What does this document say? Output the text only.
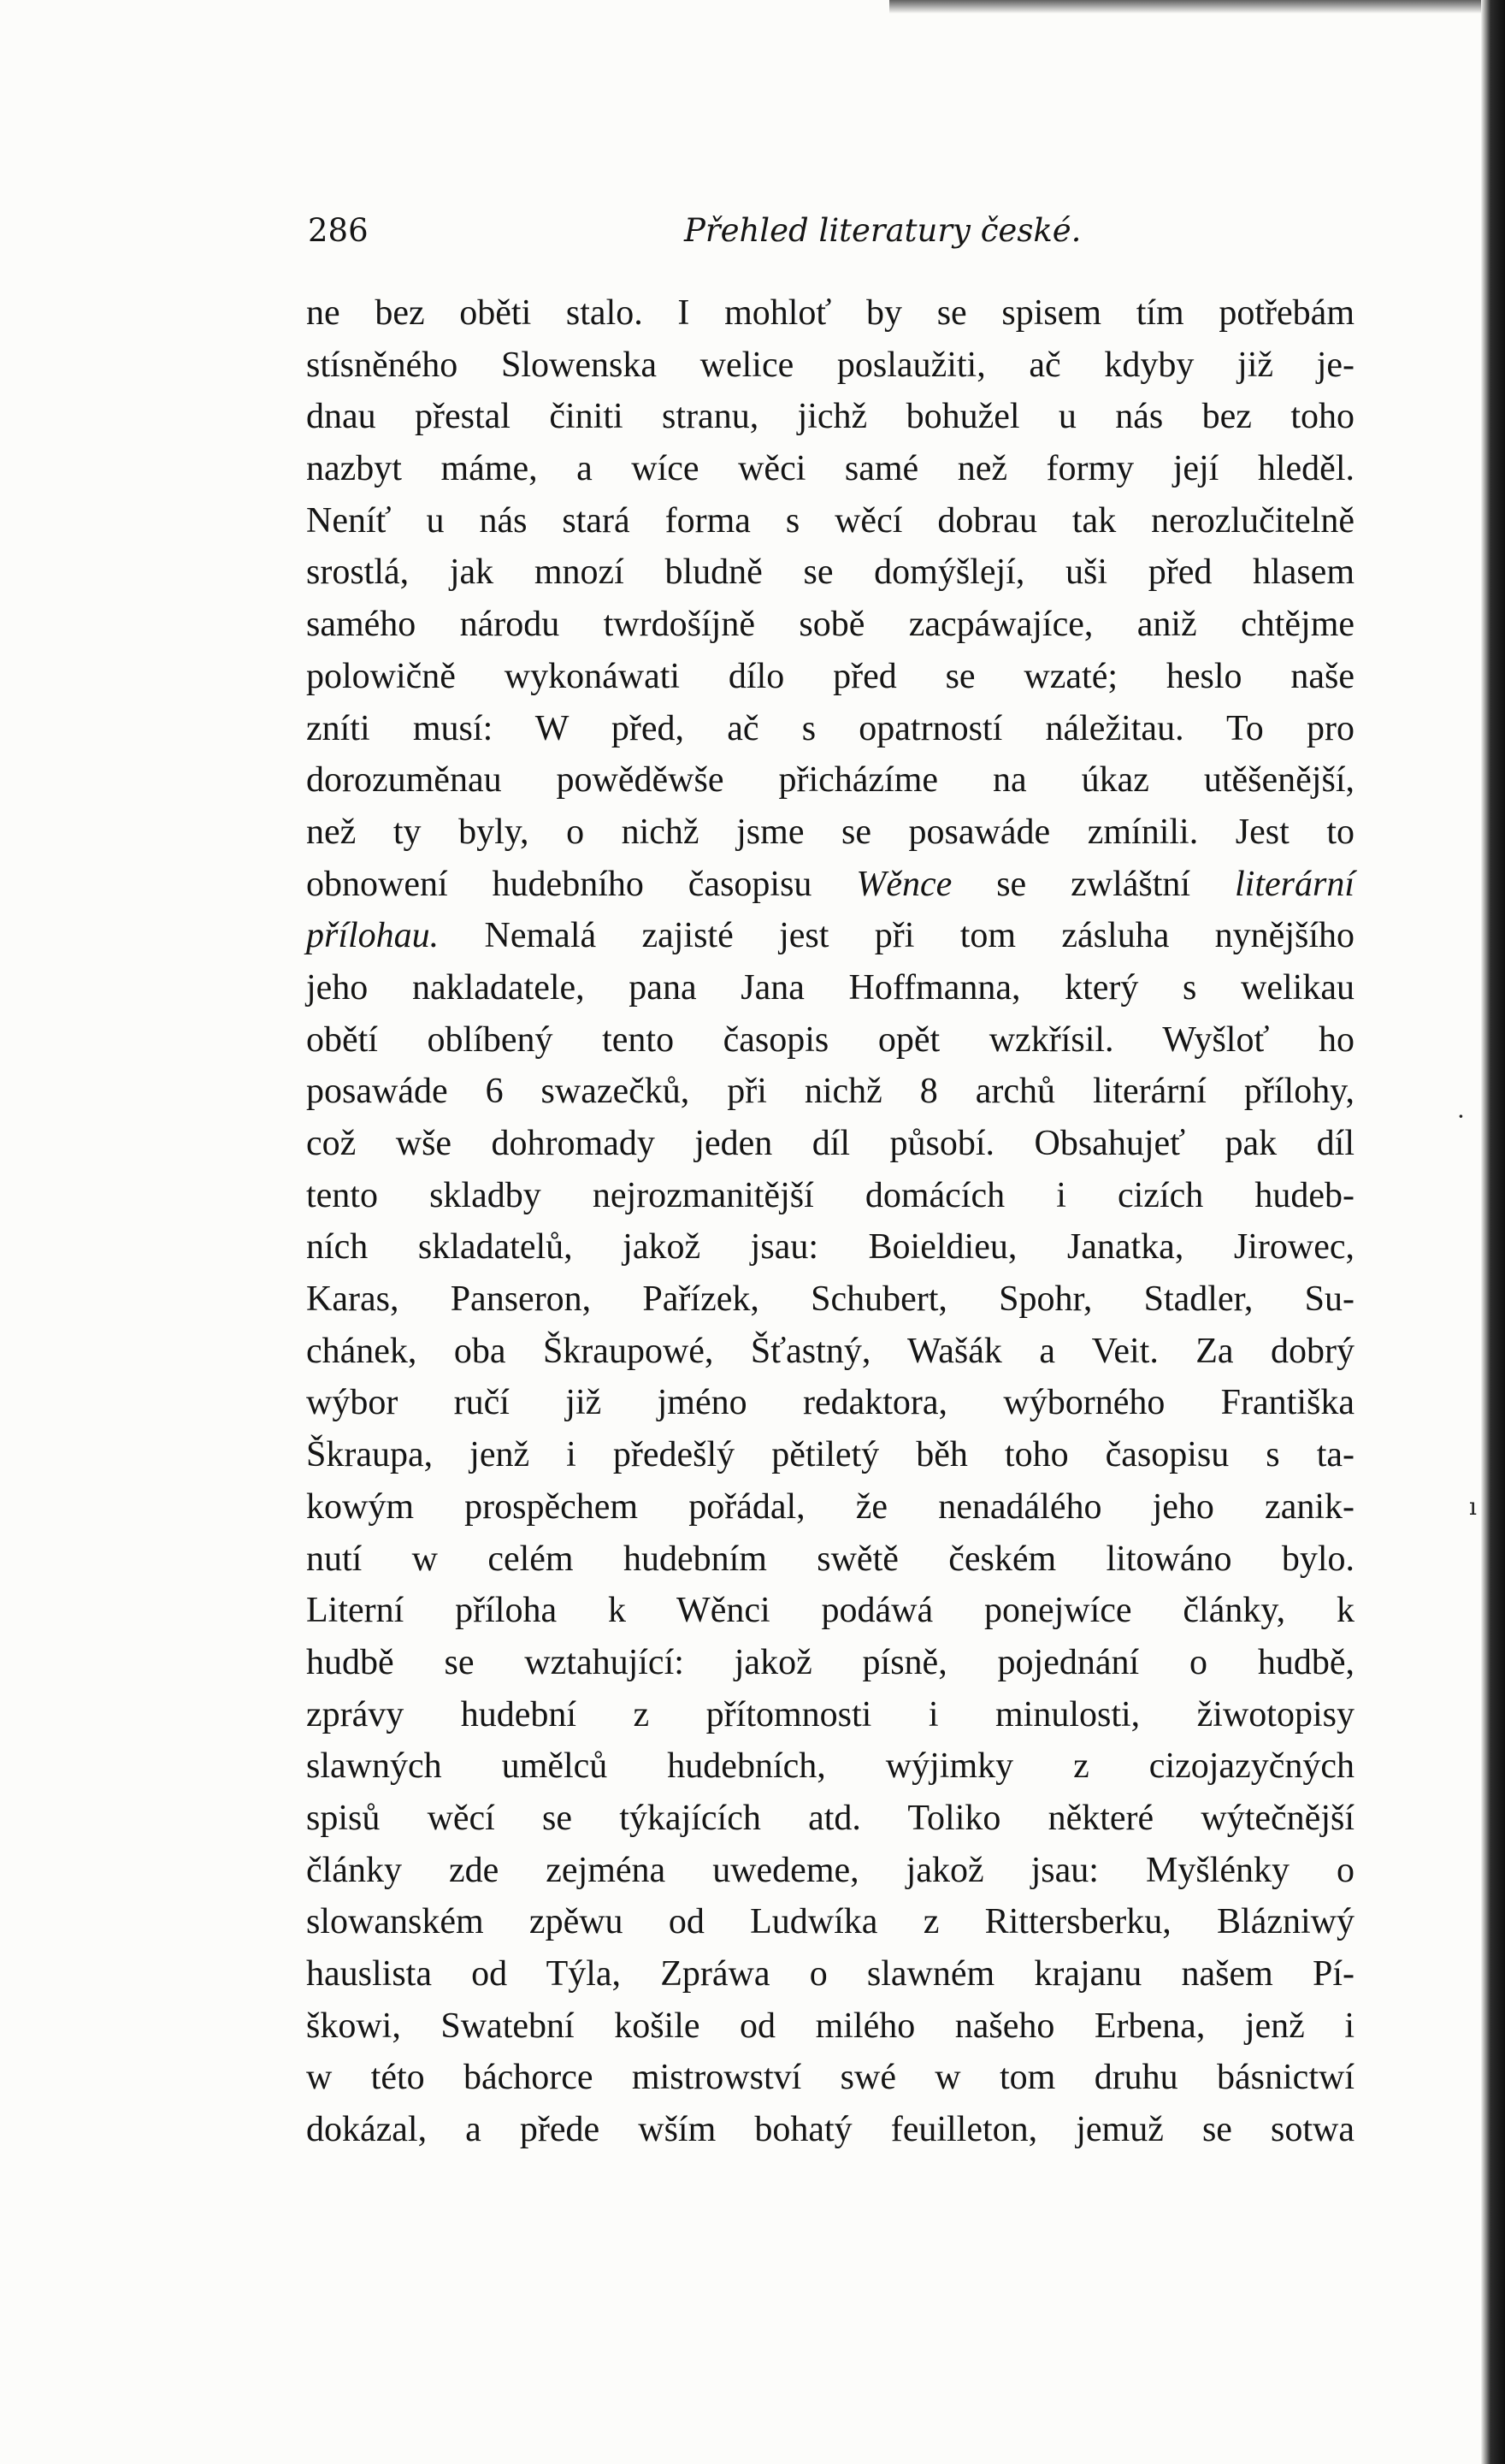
286	Přehled literatury české.
ne bez oběti stalo. I mohloť by se spisem tím potřebám
stísněného Slowenska welice poslaužiti, ač kdyby již je-
dnau přestal činiti stranu, jichž bohužel u nás bez toho
nazbyt máme, a wíce wěci samé než formy její hleděl.
Neníť u nás stará forma s wěcí dobrau tak nerozlučitelně
srostlá, jak mnozí bludně se domýšlejí, uši před hlasem
samého národu twrdošíjně sobě zacpáwajíce, aniž chtějme
polowičně wykonáwati dílo před se wzaté; heslo naše
zníti musí: W před, ač s opatrností náležitau. To pro
dorozuměnau powěděwše přicházíme na úkaz utěšenější,
než ty byly, o nichž jsme se posawáde zmínili. Jest to
obnowení hudebního časopisu Wěnce se zwláštní literární
přílohau. Nemalá zajisté jest při tom zásluha nynějšího
jeho nakladatele, pana Jana Hoffmanna, který s welikau
obětí oblíbený tento časopis opět wzkřísil. Wyšloť ho
posawáde 6 swazečků, při nichž 8 archů literární přílohy,
což wše dohromady jeden díl působí. Obsahujeť pak díl
tento skladby nejrozmanitější domácích i cizích hudeb-
ních skladatelů, jakož jsau: Boieldieu, Janatka, Jirowec,
Karas, Panseron, Pařízek, Schubert, Spohr, Stadler, Su-
chánek, oba Škraupowé, Šťastný, Wašák a Veit. Za dobrý
wýbor ručí již jméno redaktora, wýborného Františka
Škraupa, jenž i předešlý pětiletý běh toho časopisu s ta-
kowým prospěchem pořádal, že nenadálého jeho zanik-
nutí w celém hudebním swětě českém litowáno bylo.
Literní příloha k Wěnci podáwá ponejwíce články, k
hudbě se wztahující: jakož písně, pojednání o hudbě,
zprávy hudební z přítomnosti i minulosti, žiwotopisy
slawných umělců hudebních, wýjimky z cizojazyčných
spisů wěcí se týkajících atd. Toliko některé wýtečnější
články zde zejména uwedeme, jakož jsau: Myšlénky o
slowanském zpěwu od Ludwíka z Rittersberku, Blázniwý
hauslista od Týla, Zpráwa o slawném krajanu našem Pí-
škowi, Swatební košile od milého našeho Erbena, jenž i
w této báchorce mistrowství swé w tom druhu básnictwí
dokázal, a přede wším bohatý feuilleton, jemuž se sotwa
·
ı
